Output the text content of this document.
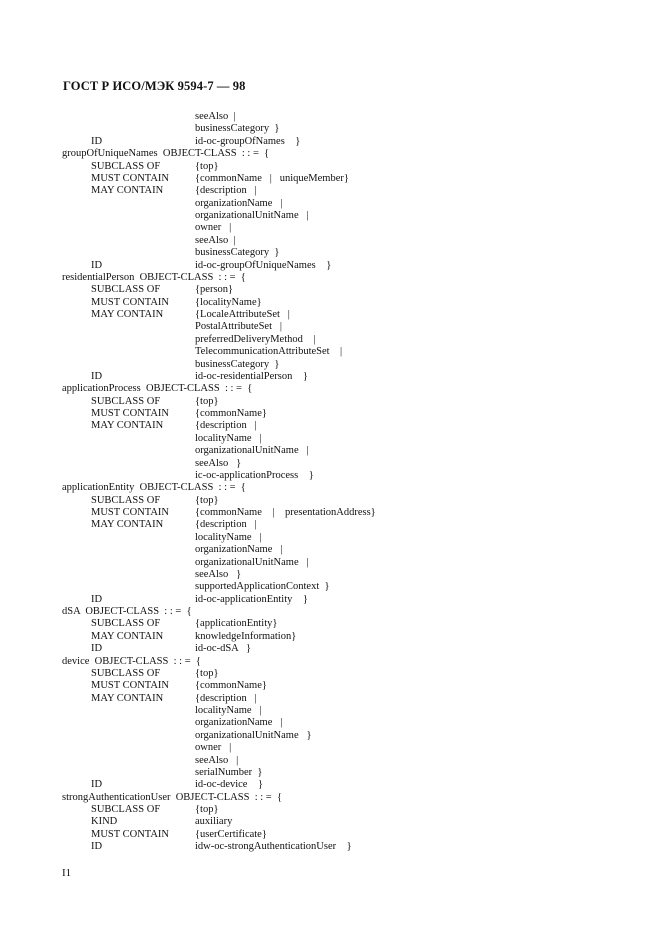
ГОСТ Р ИСО/МЭК 9594-7 — 98
seeAlso  |
businessCategory  }
ID	id-oc-groupOfNames    }
groupOfUniqueNames  OBJECT-CLASS  : : =  {
SUBCLASS OF	{top}
MUST CONTAIN {commonName   |   uniqueMember}
MAY CONTAIN	{description   |
organizationName   |
organizationalUnitName   |
owner   |
seeAlso  |
businessCategory  }
ID	id-oc-groupOfUniqueNames    }
residentialPerson  OBJECT-CLASS  : : =  {
SUBCLASS OF	{person}
MUST CONTAIN {localityName}
MAY CONTAIN	{LocaleAttributeSet   |
PostalAttributeSet   |
preferredDeliveryMethod    |
TelecommunicationAttributeSet    |
businessCategory  }
ID	id-oc-residentialPerson    }
applicationProcess  OBJECT-CLASS  : : =  {
SUBCLASS OF	{top}
MUST CONTAIN {commonName}
MAY CONTAIN	{description   |
localityName   |
organizationalUnitName   |
seeAlso   }
ic-oc-applicationProcess    }
applicationEntity  OBJECT-CLASS  : : =  {
SUBCLASS OF	{top}
MUST CONTAIN {commonName    |    presentationAddress}
MAY CONTAIN	{description   |
localityName   |
organizationName   |
organizationalUnitName   |
seeAlso   }
supportedApplicationContext  }
ID	id-oc-applicationEntity    }
dSA  OBJECT-CLASS  : : =  {
SUBCLASS OF	{applicationEntity}
MAY CONTAIN	knowledgeInformation}
ID	id-oc-dSA   }
device  OBJECT-CLASS  : : =  {
SUBCLASS OF	{top}
MUST CONTAIN {commonName}
MAY CONTAIN	{description   |
localityName   |
organizationName   |
organizationalUnitName   }
owner   |
seeAlso   |
serialNumber  }
ID	id-oc-device    }
strongAuthenticationUser  OBJECT-CLASS  : : =  {
SUBCLASS OF	{top}
KIND	auxiliary
MUST CONTAIN {userCertificate}
ID	idw-oc-strongAuthenticationUser    }
I1
